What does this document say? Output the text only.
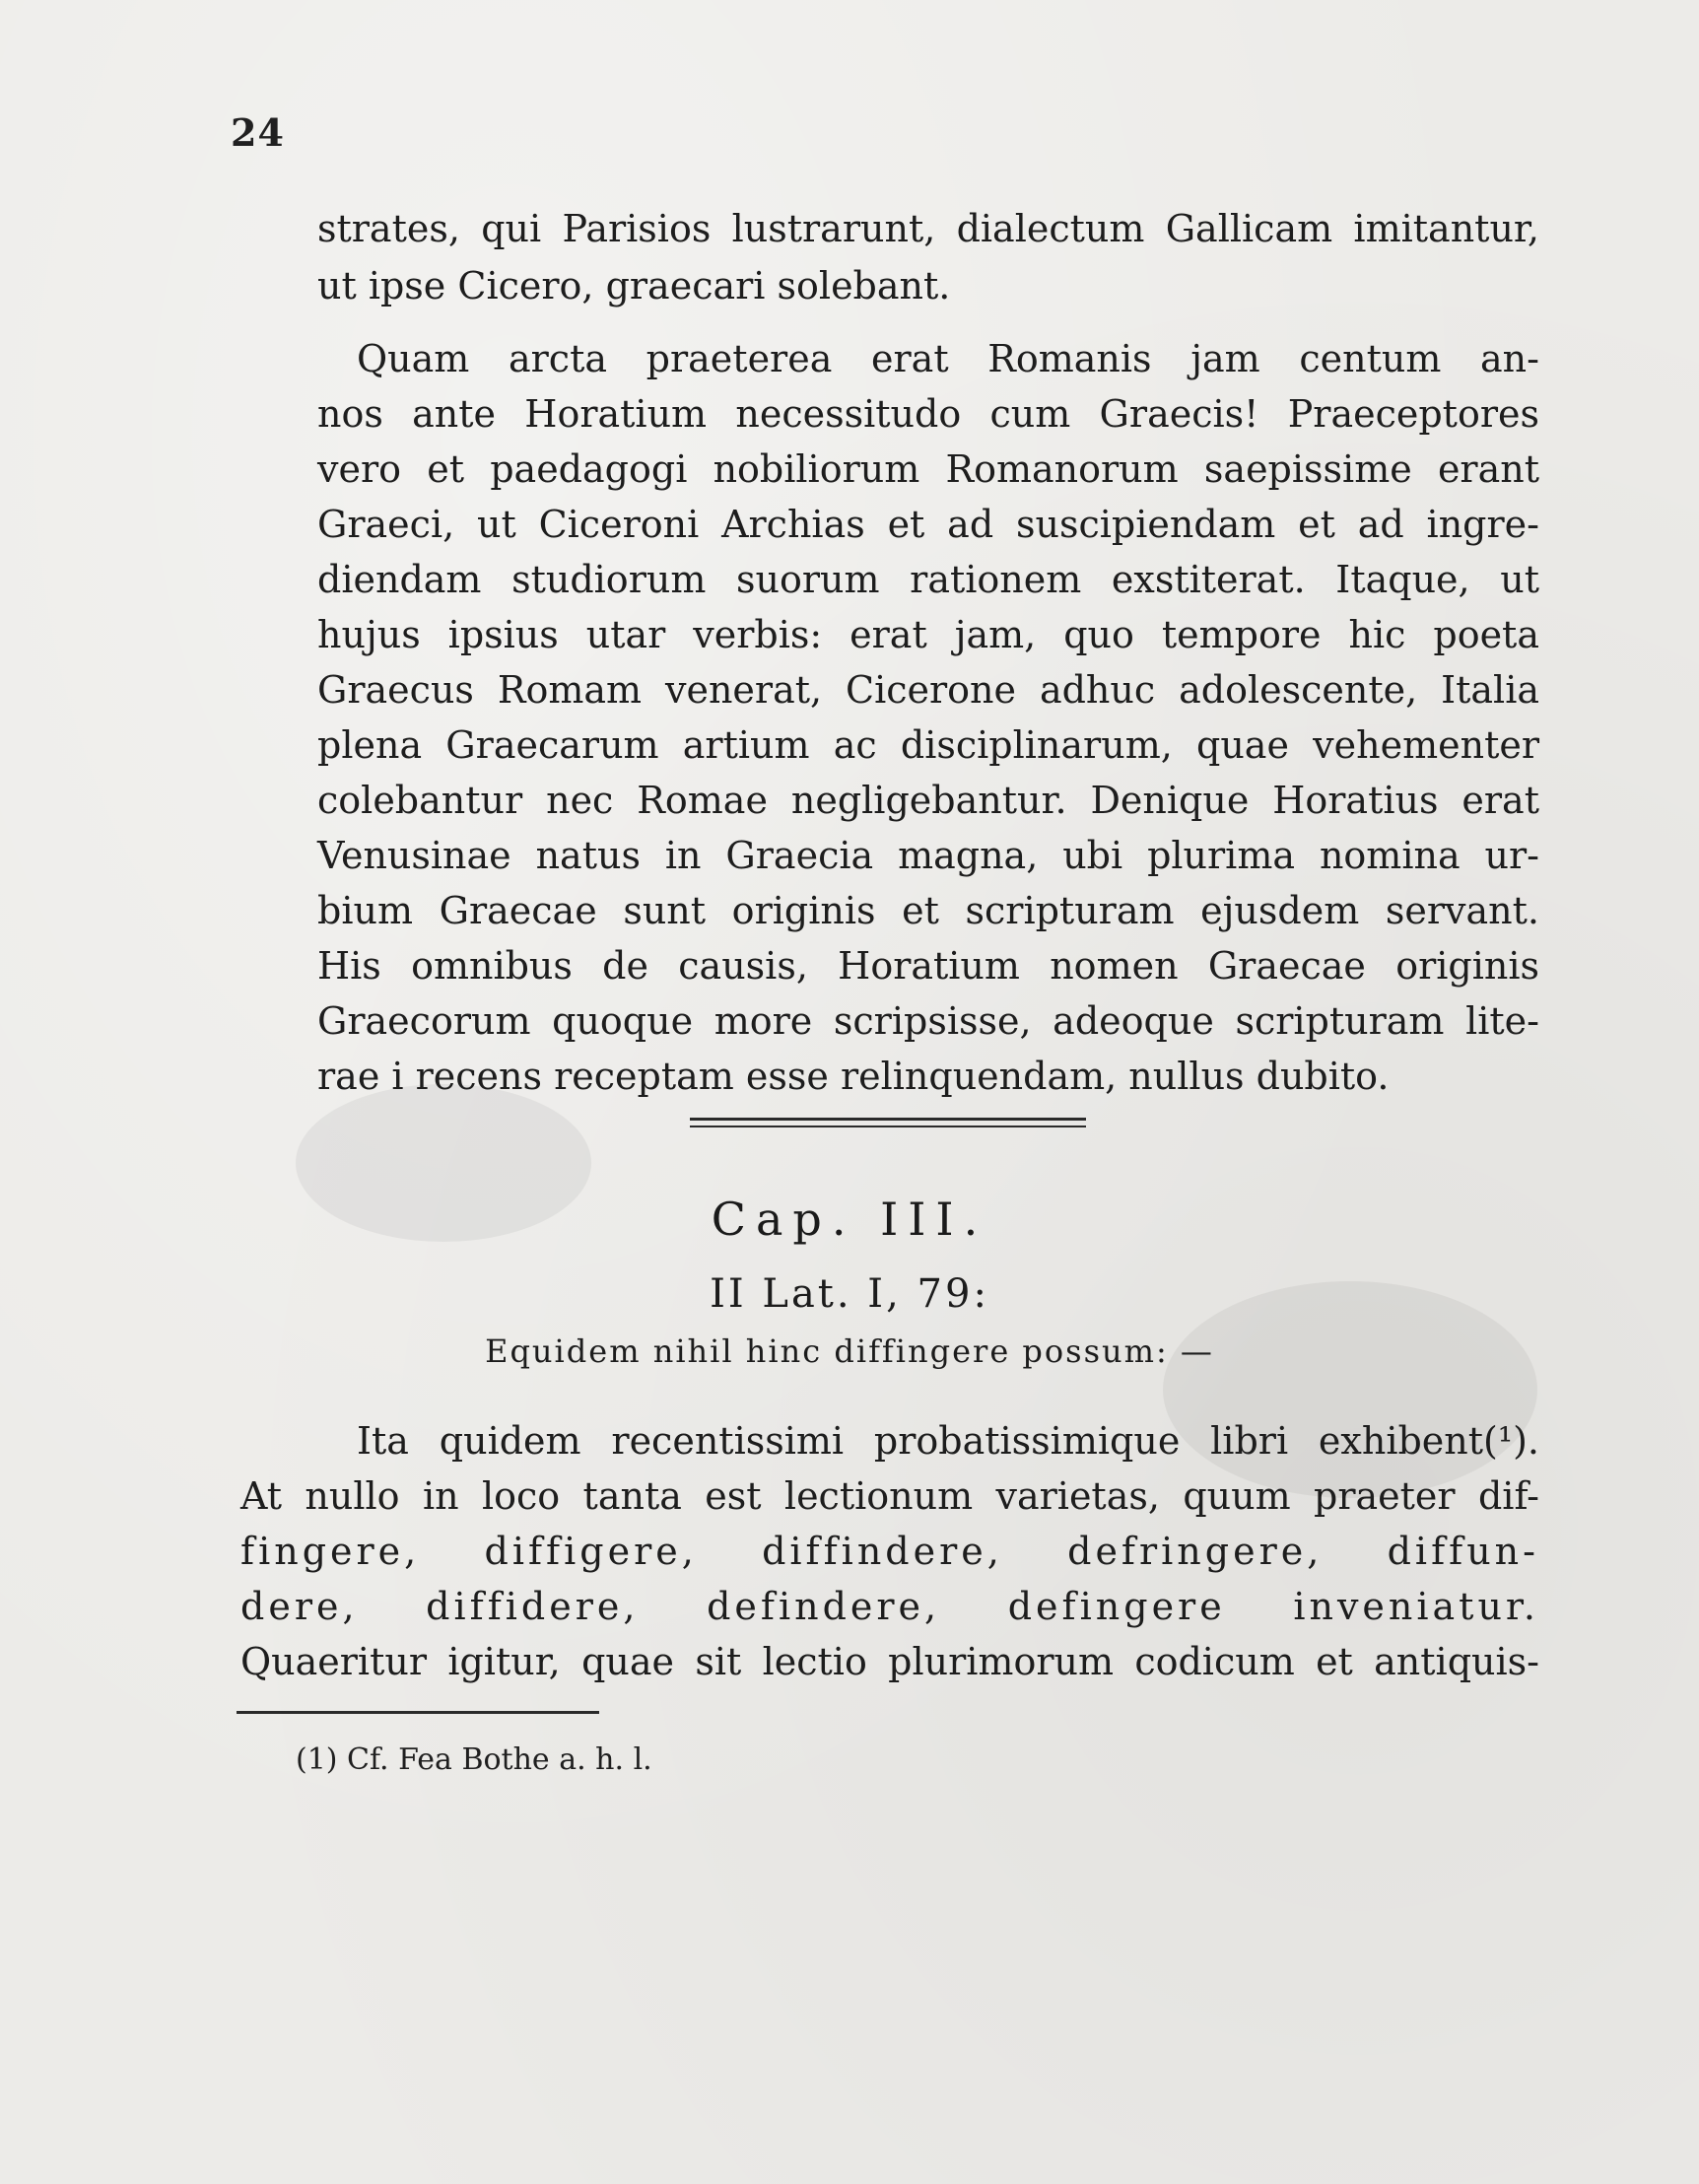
24
strates, qui Parisios lustrarunt, dialectum Gallicam imitantur,
ut ipse Cicero, graecari solebant.
Quam arcta praeterea erat Romanis jam centum an-
nos ante Horatium necessitudo cum Graecis! Praeceptores
vero et paedagogi nobiliorum Romanorum saepissime erant
Graeci, ut Ciceroni Archias et ad suscipiendam et ad ingre-
diendam studiorum suorum rationem exstiterat. Itaque, ut
hujus ipsius utar verbis: erat jam, quo tempore hic poeta
Graecus Romam venerat, Cicerone adhuc adolescente, Italia
plena Graecarum artium ac disciplinarum, quae vehementer
colebantur nec Romae negligebantur. Denique Horatius erat
Venusinae natus in Graecia magna, ubi plurima nomina ur-
bium Graecae sunt originis et scripturam ejusdem servant.
His omnibus de causis, Horatium nomen Graecae originis
Graecorum quoque more scripsisse, adeoque scripturam lite-
rae i recens receptam esse relinquendam, nullus dubito.
Cap. III.
II Lat. I, 79:
Equidem nihil hinc diffingere possum: —
Ita quidem recentissimi probatissimique libri exhibent(¹).
At nullo in loco tanta est lectionum varietas, quum praeter dif-
fingere, diffigere, diffindere, defringere, diffun-
dere, diffidere, defindere, defingere inveniatur.
Quaeritur igitur, quae sit lectio plurimorum codicum et antiquis-
(1) Cf. Fea Bothe a. h. l.
